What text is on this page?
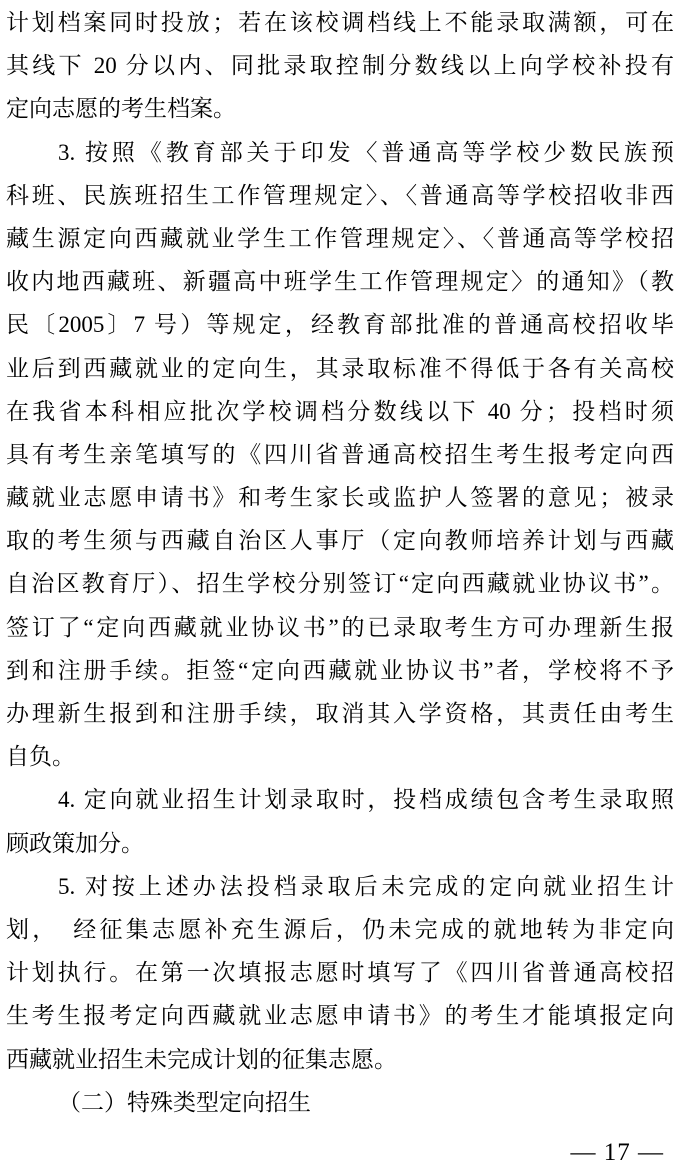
计划档案同时投放；若在该校调档线上不能录取满额，可在
其线下 20 分以内、同批录取控制分数线以上向学校补投有
定向志愿的考生档案。
3. 按照《教育部关于印发〈普通高等学校少数民族预
科班、民族班招生工作管理规定〉、〈普通高等学校招收非西
藏生源定向西藏就业学生工作管理规定〉、〈普通高等学校招
收内地西藏班、新疆高中班学生工作管理规定〉的通知》（教
民〔2005〕7 号）等规定，经教育部批准的普通高校招收毕
业后到西藏就业的定向生，其录取标准不得低于各有关高校
在我省本科相应批次学校调档分数线以下 40 分；投档时须
具有考生亲笔填写的《四川省普通高校招生考生报考定向西
藏就业志愿申请书》和考生家长或监护人签署的意见；被录
取的考生须与西藏自治区人事厅（定向教师培养计划与西藏
自治区教育厅）、招生学校分别签订“定向西藏就业协议书”。
签订了“定向西藏就业协议书”的已录取考生方可办理新生报
到和注册手续。拒签“定向西藏就业协议书”者，学校将不予
办理新生报到和注册手续，取消其入学资格，其责任由考生
自负。
4. 定向就业招生计划录取时，投档成绩包含考生录取照
顾政策加分。
5. 对按上述办法投档录取后未完成的定向就业招生计
划，　经征集志愿补充生源后，仍未完成的就地转为非定向
计划执行。在第一次填报志愿时填写了《四川省普通高校招
生考生报考定向西藏就业志愿申请书》的考生才能填报定向
西藏就业招生未完成计划的征集志愿。
（二）特殊类型定向招生
— 17 —
